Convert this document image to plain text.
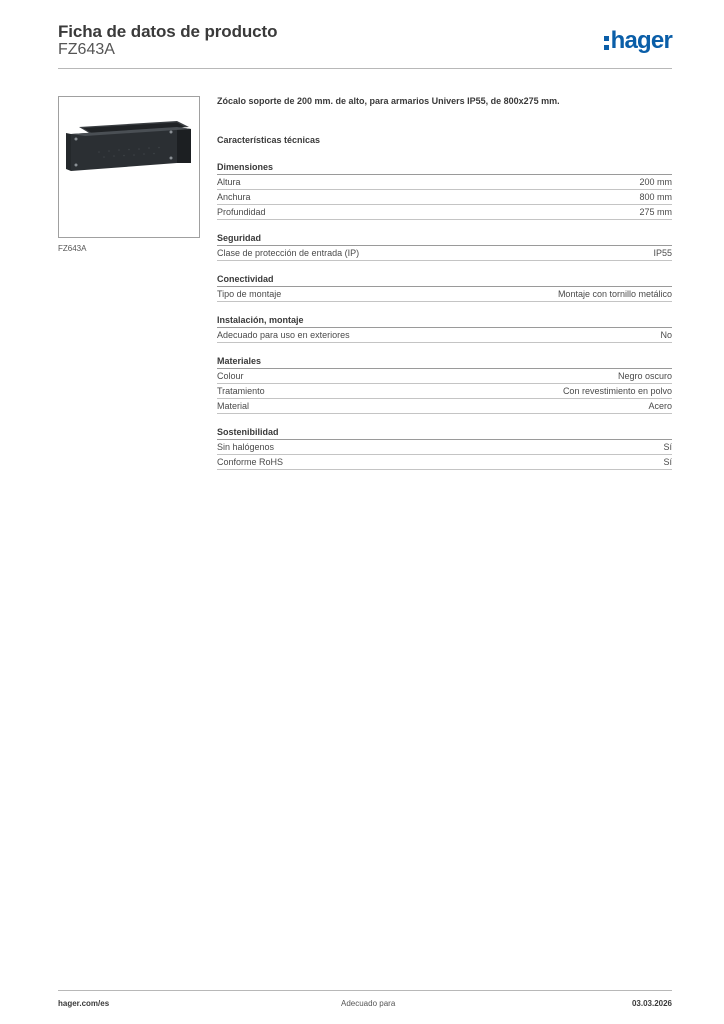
Ficha de datos de producto
FZ643A	hager
FZ643A
Zócalo soporte de 200 mm. de alto, para armarios Univers IP55, de 800x275 mm.
Características técnicas
Dimensiones
Altura	200 mm
Anchura	800 mm
Profundidad	275 mm
Seguridad
Clase de protección de entrada (IP)	IP55
Conectividad
Tipo de montaje	Montaje con tornillo metálico
Instalación, montaje
Adecuado para uso en exteriores	No
Materiales
Colour	Negro oscuro
Tratamiento	Con revestimiento en polvo
Material	Acero
Sostenibilidad
Sin halógenos	Sí
Conforme RoHS	Sí
hager.com/es	Adecuado para	03.03.2026
